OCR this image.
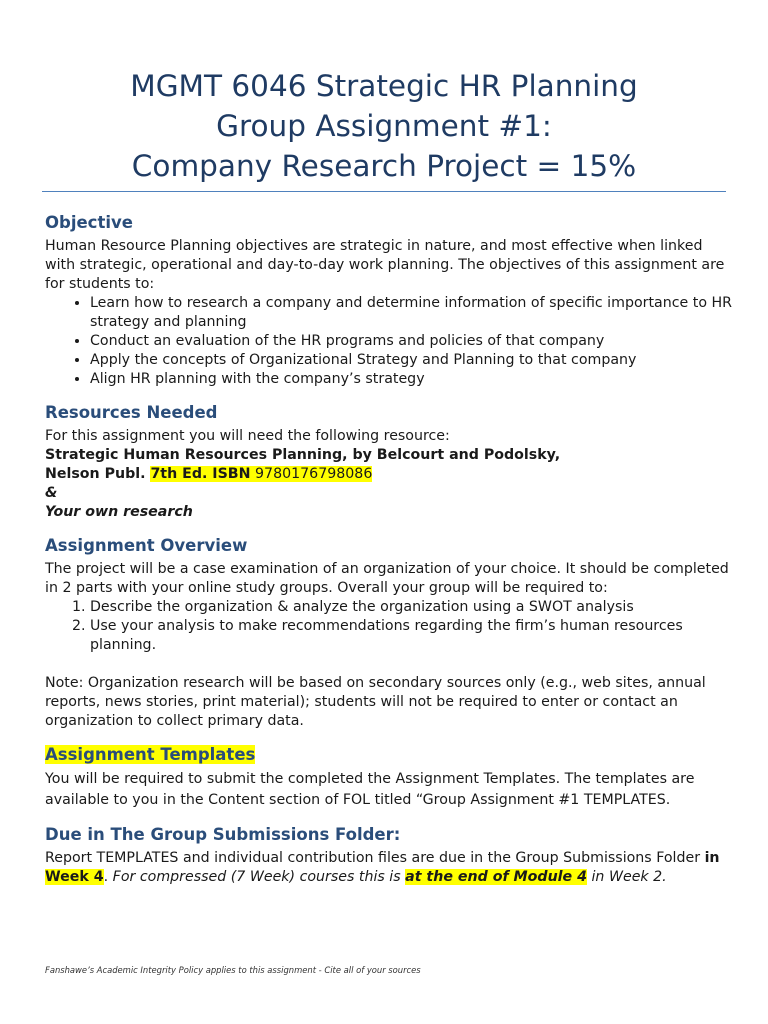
MGMT 6046 Strategic HR Planning
Group Assignment #1:
Company Research Project = 15%
Objective

Human Resource Planning objectives are strategic in nature, and most effective when linked with strategic, operational and day-to-day work planning. The objectives of this assignment are for students to:

• Learn how to research a company and determine information of specific importance to HR strategy and planning
• Conduct an evaluation of the HR programs and policies of that company
• Apply the concepts of Organizational Strategy and Planning to that company
• Align HR planning with the company’s strategy
Resources Needed

For this assignment you will need the following resource:

Strategic Human Resources Planning, by Belcourt and Podolsky,

Nelson Publ. 7th Ed. ISBN 9780176798086

&

Your own research

Assignment Overview

The project will be a case examination of an organization of your choice. It should be completed in 2 parts with your online study groups. Overall your group will be required to:

1. Describe the organization & analyze the organization using a SWOT analysis
2. Use your analysis to make recommendations regarding the firm’s human resources planning.

Note: Organization research will be based on secondary sources only (e.g., web sites, annual reports, news stories, print material); students will not be required to enter or contact an organization to collect primary data.

Assignment Templates

You will be required to submit the completed the Assignment Templates. The templates are available to you in the Content section of FOL titled “Group Assignment #1 TEMPLATES.

Due in The Group Submissions Folder:

Report TEMPLATES and individual contribution files are due in the Group Submissions Folder in Week 4. For compressed (7 Week) courses this is at the end of Module 4 in Week 2.

Fanshawe’s Academic Integrity Policy applies to this assignment - Cite all of your sources
